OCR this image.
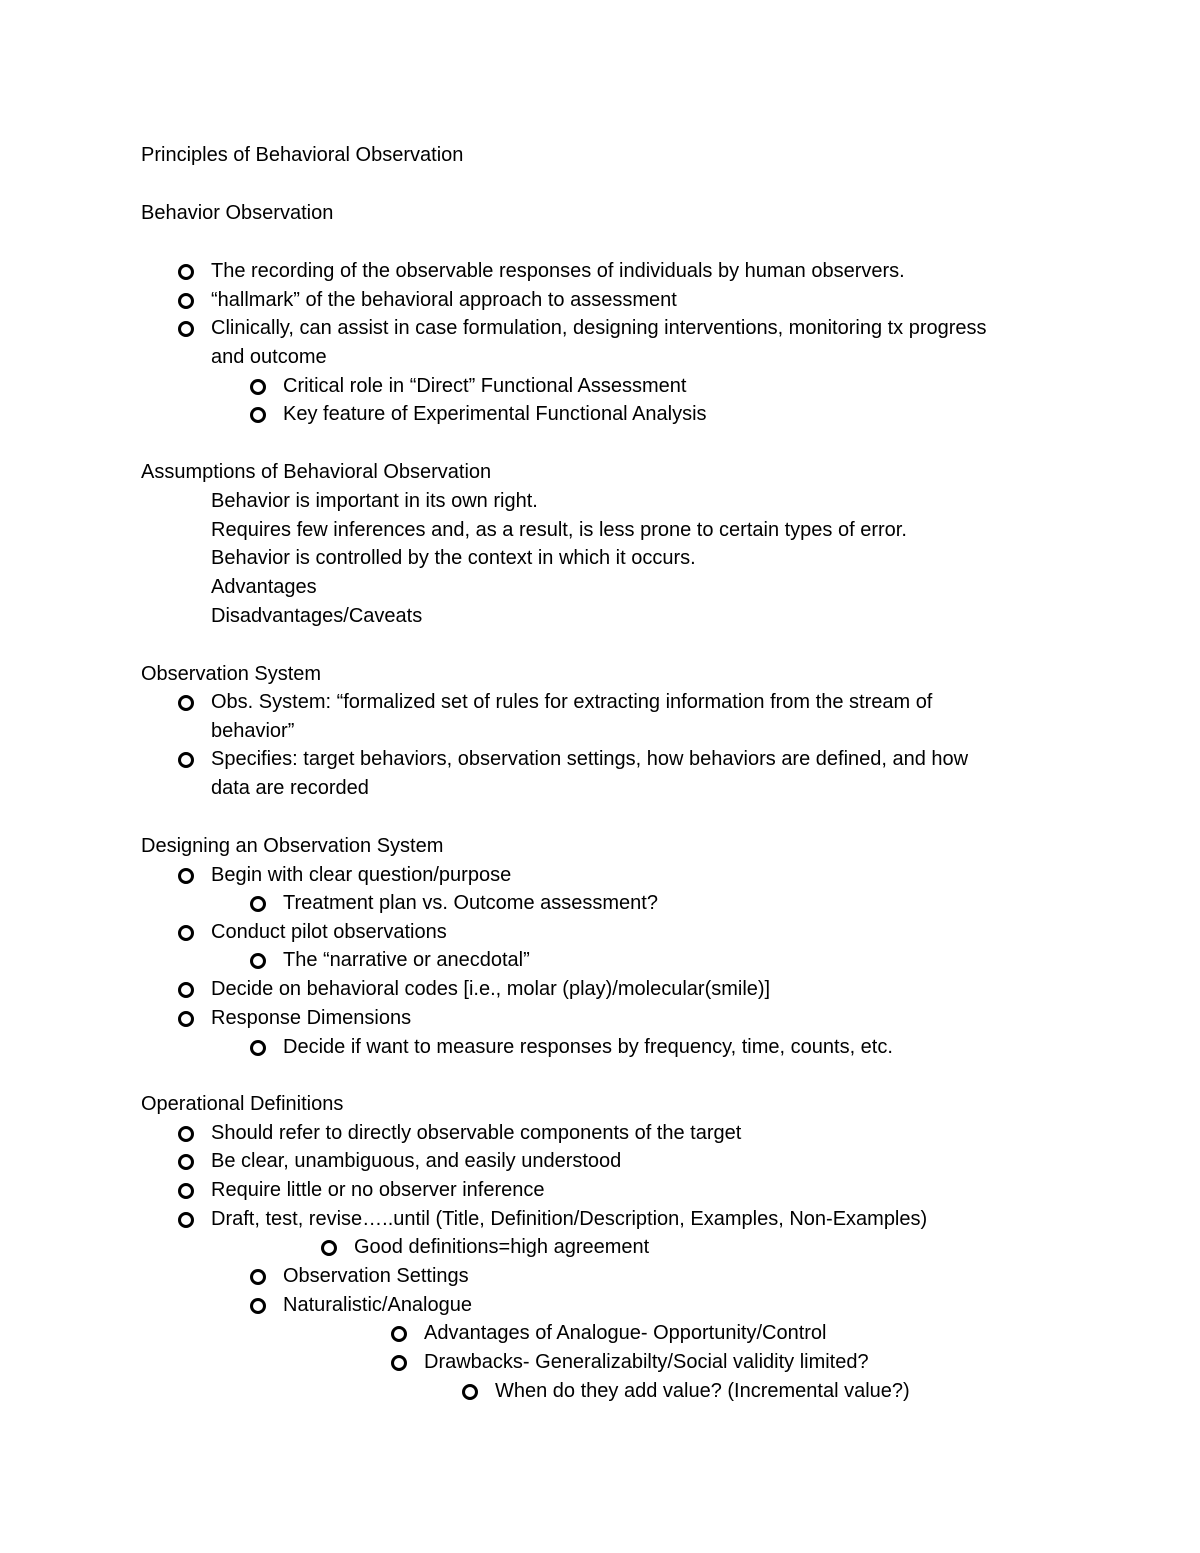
Principles of Behavioral Observation
Behavior Observation
The recording of the observable responses of individuals by human observers.
“hallmark” of the behavioral approach to assessment
Clinically, can assist in case formulation, designing interventions, monitoring tx progress
and outcome
Critical role in “Direct” Functional Assessment
Key feature of Experimental Functional Analysis
Assumptions of Behavioral Observation
Behavior is important in its own right.
Requires few inferences and, as a result, is less prone to certain types of error.
Behavior is controlled by the context in which it occurs.
Advantages
Disadvantages/Caveats
Observation System
Obs. System: “formalized set of rules for extracting information from the stream of
behavior”
Specifies: target behaviors, observation settings, how behaviors are defined, and how
data are recorded
Designing an Observation System
Begin with clear question/purpose
Treatment plan vs. Outcome assessment?
Conduct pilot observations
The “narrative or anecdotal”
Decide on behavioral codes [i.e., molar (play)/molecular(smile)]
Response Dimensions
Decide if want to measure responses by frequency, time, counts, etc.
Operational Definitions
Should refer to directly observable components of the target
Be clear, unambiguous, and easily understood
Require little or no observer inference
Draft, test, revise…..until (Title, Definition/Description, Examples, Non-Examples)
Good definitions=high agreement
Observation Settings
Naturalistic/Analogue
Advantages of Analogue- Opportunity/Control
Drawbacks- Generalizabilty/Social validity limited?
When do they add value? (Incremental value?)
